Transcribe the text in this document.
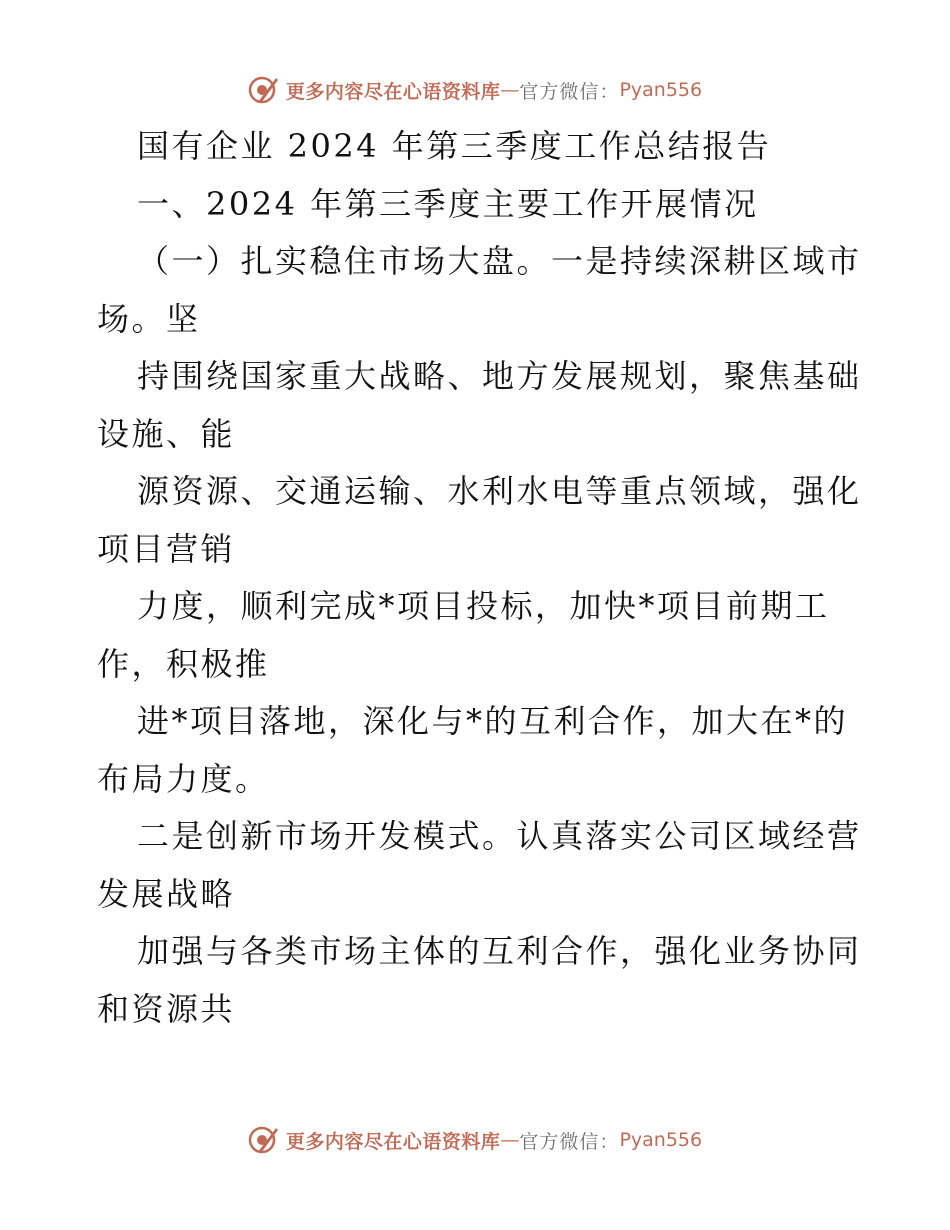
更多内容尽在心语资料库 — 官方微信： Pyan556
国有企业 2024 年第三季度工作总结报告
一、2024 年第三季度主要工作开展情况
（一）扎实稳住市场大盘。一是持续深耕区域市
场。坚
持围绕国家重大战略、地方发展规划，聚焦基础
设施、能
源资源、交通运输、水利水电等重点领域，强化
项目营销
力度，顺利完成*项目投标，加快*项目前期工
作，积极推
进*项目落地，深化与*的互利合作，加大在*的
布局力度。
二是创新市场开发模式。认真落实公司区域经营
发展战略
加强与各类市场主体的互利合作，强化业务协同
和资源共
更多内容尽在心语资料库 — 官方微信： Pyan556
